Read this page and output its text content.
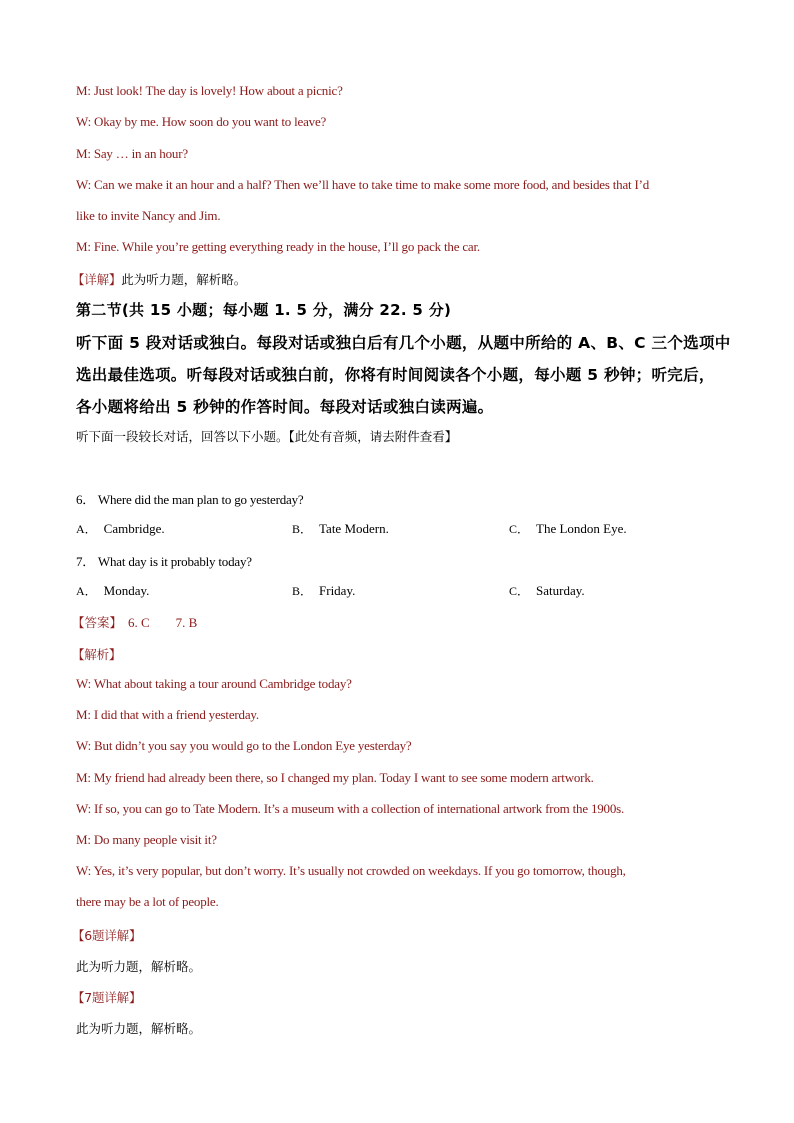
M: Just look! The day is lovely! How about a picnic?
W: Okay by me. How soon do you want to leave?
M: Say … in an hour?
W: Can we make it an hour and a half? Then we’ll have to take time to make some more food, and besides that I’d
like to invite Nancy and Jim.
M: Fine. While you’re getting everything ready in the house, I’ll go pack the car.
【详解】此为听力题，解析略。
第二节(共 15 小题；每小题 1. 5 分，满分 22. 5 分)
听下面 5 段对话或独白。每段对话或独白后有几个小题，从题中所给的 A、B、C 三个选项中
选出最佳选项。听每段对话或独白前，你将有时间阅读各个小题，每小题 5 秒钟；听完后，
各小题将给出 5 秒钟的作答时间。每段对话或独白读两遍。
听下面一段较长对话，回答以下小题。【此处有音频，请去附件查看】
6． Where did the man plan to go yesterday?
A． Cambridge.	B． Tate Modern.	C． The London Eye.
7． What day is it probably today?
A． Monday.	B． Friday.	C． Saturday.
【答案】 6. C        7. B
【解析】
W: What about taking a tour around Cambridge today?
M: I did that with a friend yesterday.
W: But didn’t you say you would go to the London Eye yesterday?
M: My friend had already been there, so I changed my plan. Today I want to see some modern artwork.
W: If so, you can go to Tate Modern. It’s a museum with a collection of international artwork from the 1900s.
M: Do many people visit it?
W: Yes, it’s very popular, but don’t worry. It’s usually not crowded on weekdays. If you go tomorrow, though,
there may be a lot of people.
【6题详解】
此为听力题，解析略。
【7题详解】
此为听力题，解析略。
